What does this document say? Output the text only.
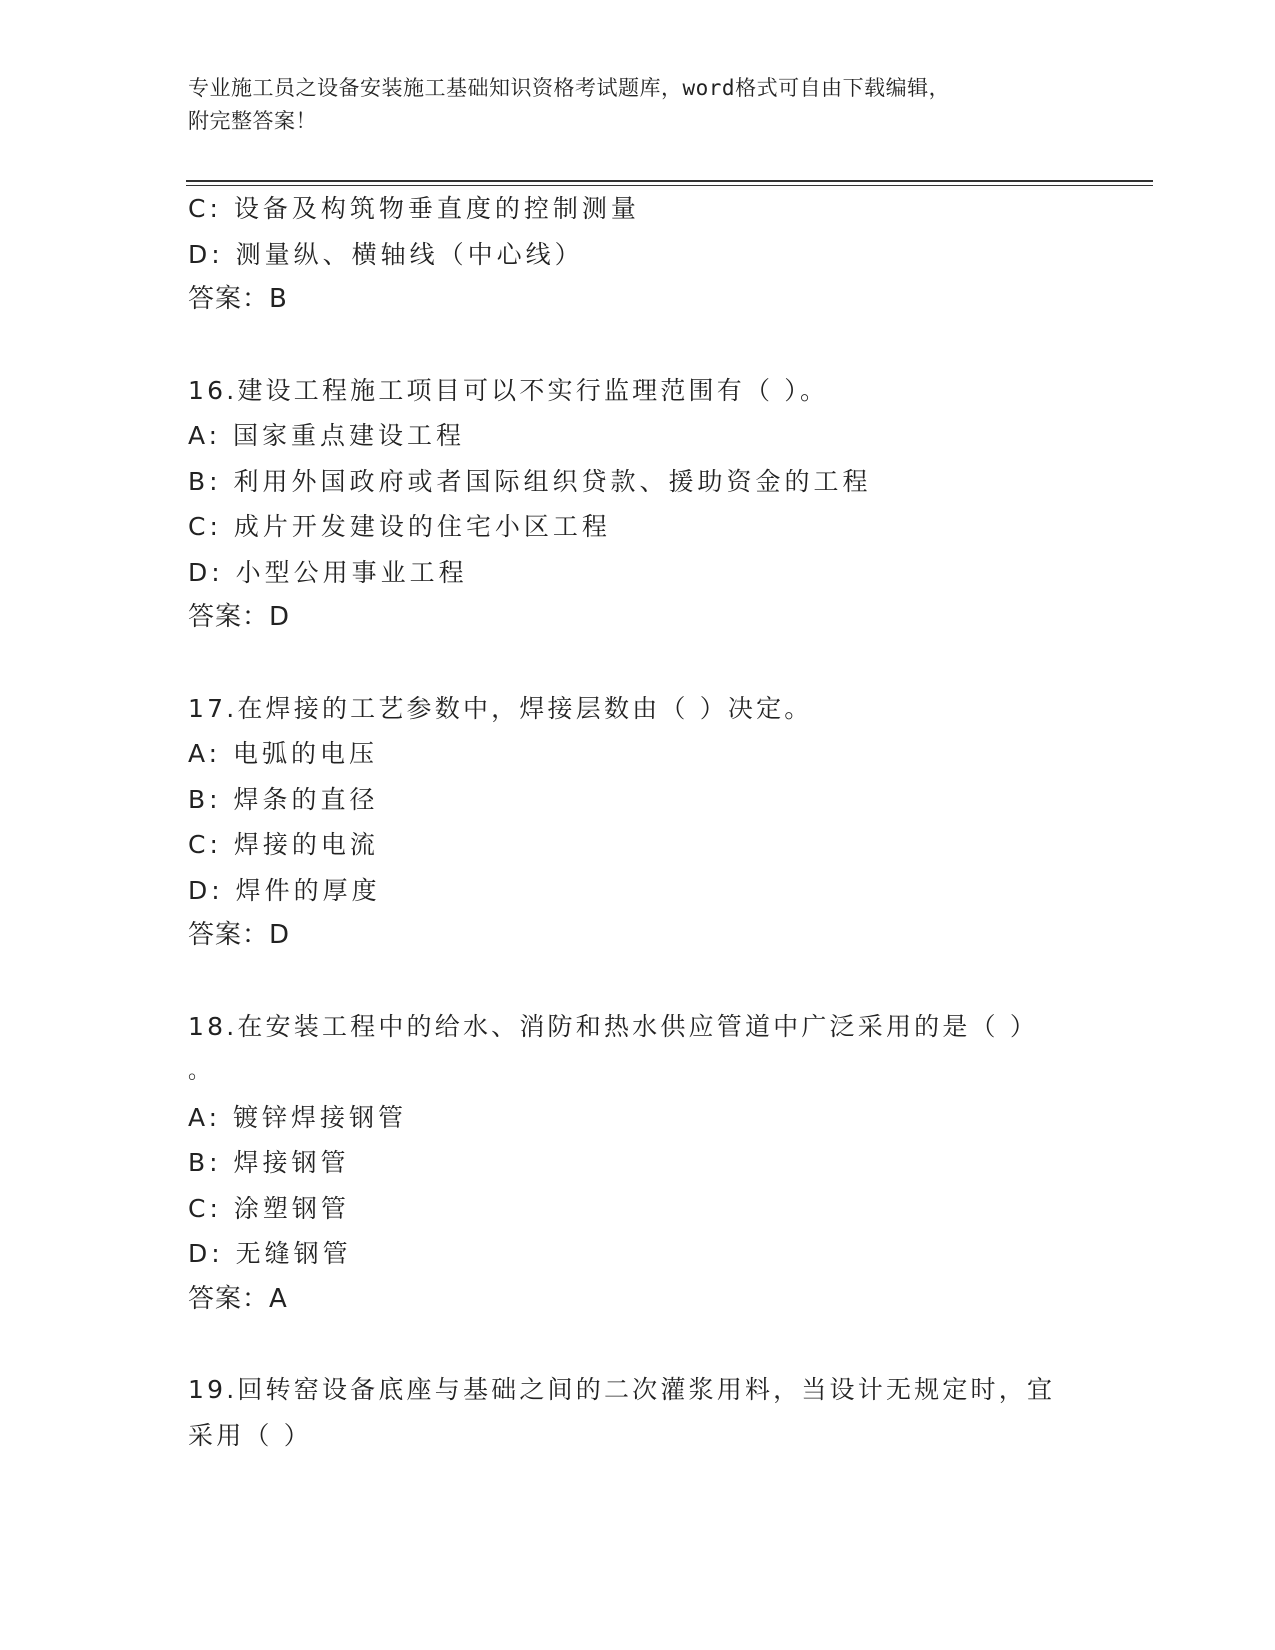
专业施工员之设备安装施工基础知识资格考试题库，word格式可自由下载编辑，
附完整答案！
C: 设备及构筑物垂直度的控制测量
D: 测量纵、横轴线（中心线）
答案：B
16.建设工程施工项目可以不实行监理范围有（ ）。
A: 国家重点建设工程
B: 利用外国政府或者国际组织贷款、援助资金的工程
C: 成片开发建设的住宅小区工程
D: 小型公用事业工程
答案：D
17.在焊接的工艺参数中，焊接层数由（ ）决定。
A: 电弧的电压
B: 焊条的直径
C: 焊接的电流
D: 焊件的厚度
答案：D
18.在安装工程中的给水、消防和热水供应管道中广泛采用的是（ ）
。
A: 镀锌焊接钢管
B: 焊接钢管
C: 涂塑钢管
D: 无缝钢管
答案：A
19.回转窑设备底座与基础之间的二次灌浆用料，当设计无规定时，宜
采用（ ）
